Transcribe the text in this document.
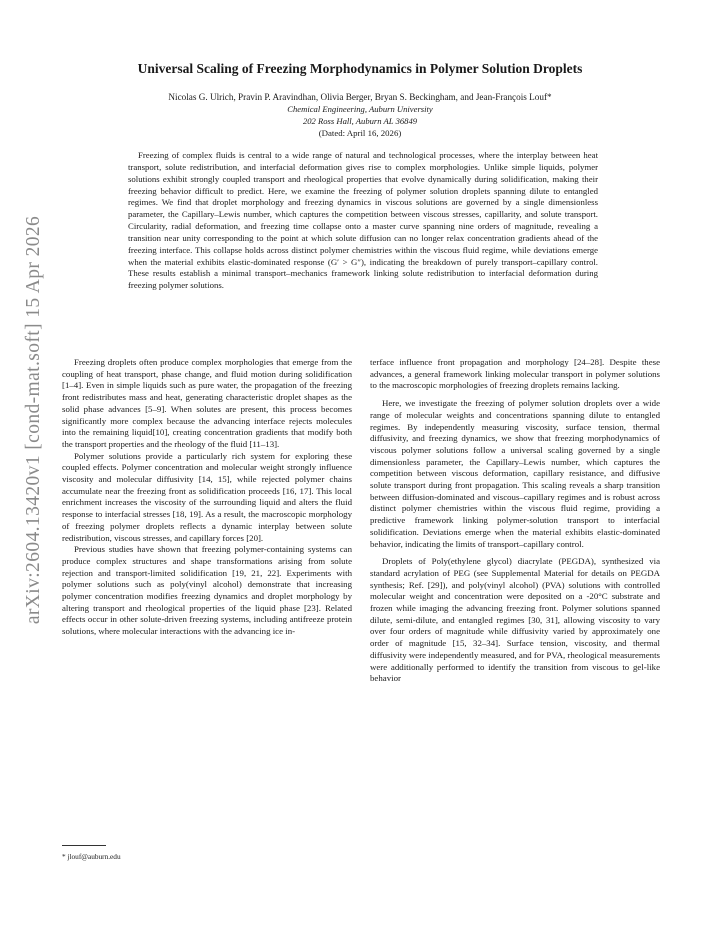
arXiv:2604.13420v1 [cond-mat.soft] 15 Apr 2026
Universal Scaling of Freezing Morphodynamics in Polymer Solution Droplets
Nicolas G. Ulrich, Pravin P. Aravindhan, Olivia Berger, Bryan S. Beckingham, and Jean-François Louf*
Chemical Engineering, Auburn University
202 Ross Hall, Auburn AL 36849
(Dated: April 16, 2026)

Freezing of complex fluids is central to a wide range of natural and technological processes, where the interplay between heat transport, solute redistribution, and interfacial deformation gives rise to complex morphologies. Unlike simple liquids, polymer solutions exhibit strongly coupled transport and rheological properties that evolve dynamically during solidification, making their freezing behavior difficult to predict. Here, we examine the freezing of polymer solution droplets spanning dilute to entangled regimes. We find that droplet morphology and freezing dynamics in viscous solutions are governed by a single dimensionless parameter, the Capillary–Lewis number, which captures the competition between viscous stresses, capillarity, and solute transport. Circularity, radial deformation, and freezing time collapse onto a master curve spanning nine orders of magnitude, revealing a transition near unity corresponding to the point at which solute diffusion can no longer relax concentration gradients ahead of the freezing interface. This collapse holds across distinct polymer chemistries within the viscous fluid regime, while deviations emerge when the material exhibits elastic-dominated response (G′ > G″), indicating the breakdown of purely transport–capillary control. These results establish a minimal transport–mechanics framework linking solute redistribution to interfacial deformation during freezing polymer solutions.

Freezing droplets often produce complex morphologies that emerge from the coupling of heat transport, phase change, and fluid motion during solidification [1–4]. Even in simple liquids such as pure water, the propagation of the freezing front redistributes mass and heat, generating characteristic droplet shapes as the solid phase advances [5–9]. When solutes are present, this process becomes significantly more complex because the advancing interface rejects molecules into the remaining liquid[10], creating concentration gradients that modify both the transport properties and the rheology of the fluid [11–13].

Polymer solutions provide a particularly rich system for exploring these coupled effects. Polymer concentration and molecular weight strongly influence viscosity and molecular diffusivity [14, 15], while rejected polymer chains accumulate near the freezing front as solidification proceeds [16, 17]. This local enrichment increases the viscosity of the surrounding liquid and alters the fluid response to interfacial stresses [18, 19]. As a result, the macroscopic morphology of freezing polymer droplets reflects a dynamic interplay between solute redistribution, viscous stresses, and capillary forces [20].

Previous studies have shown that freezing polymer-containing systems can produce complex structures and shape transformations arising from solute rejection and transport-limited solidification [19, 21, 22]. Experiments with polymer solutions such as poly(vinyl alcohol) demonstrate that increasing polymer concentration modifies freezing dynamics and droplet morphology by altering transport and rheological properties of the liquid phase [23]. Related effects occur in other solute-driven freezing systems, including antifreeze protein solutions, where molecular interactions with the advancing ice in-

terface influence front propagation and morphology [24–28]. Despite these advances, a general framework linking molecular transport in polymer solutions to the macroscopic morphologies of freezing droplets remains lacking.

Here, we investigate the freezing of polymer solution droplets over a wide range of molecular weights and concentrations spanning dilute to entangled regimes. By independently measuring viscosity, surface tension, thermal diffusivity, and freezing dynamics, we show that freezing morphodynamics of viscous polymer solutions follow a universal scaling governed by a single dimensionless parameter, the Capillary–Lewis number, which captures the competition between viscous deformation, capillary resistance, and diffusive solute transport during front propagation. This scaling reveals a sharp transition between diffusion-dominated and viscous–capillary regimes and is robust across distinct polymer chemistries within the viscous fluid regime, providing a predictive framework linking polymer-solution transport to interfacial solidification. Deviations emerge when the material exhibits elastic-dominated behavior, indicating the limits of transport–capillary control.

Droplets of Poly(ethylene glycol) diacrylate (PEGDA), synthesized via standard acrylation of PEG (see Supplemental Material for details on PEGDA synthesis; Ref. [29]), and poly(vinyl alcohol) (PVA) solutions with controlled molecular weight and concentration were deposited on a -20°C substrate and frozen while imaging the advancing freezing front. Polymer solutions spanned dilute, semi-dilute, and entangled regimes [30, 31], allowing viscosity to vary over four orders of magnitude while diffusivity varied by approximately one order of magnitude [15, 32–34]. Surface tension, viscosity, and thermal diffusivity were independently measured, and for PVA, rheological measurements were additionally performed to identify the transition from viscous to gel-like behavior

* jlouf@auburn.edu
